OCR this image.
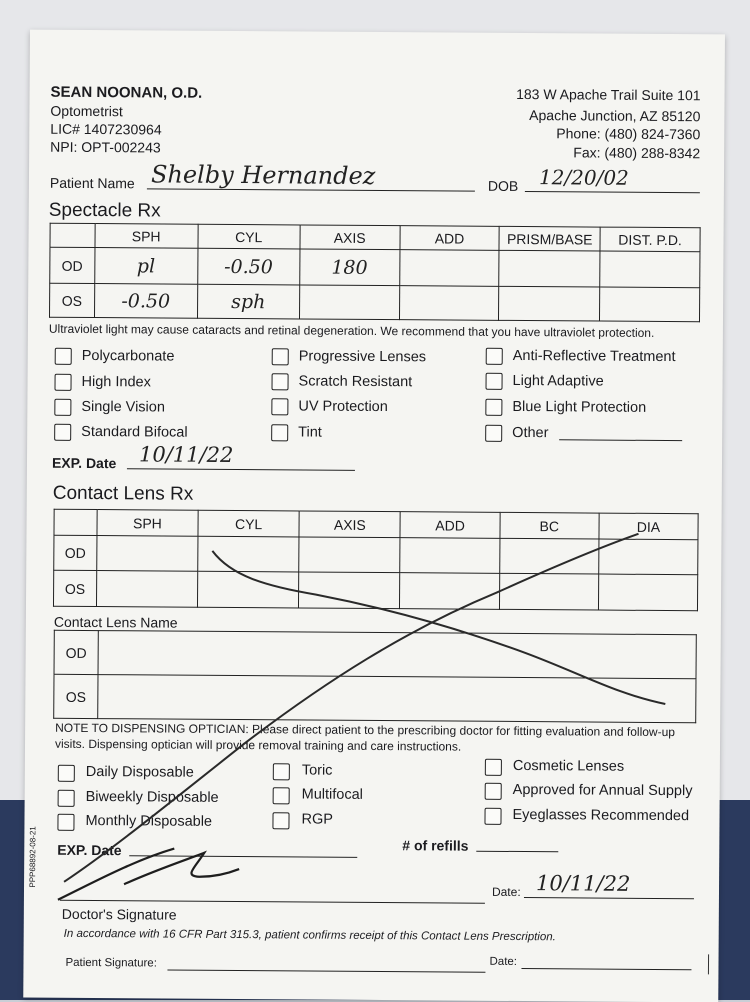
SEAN NOONAN, O.D.
Optometrist
LIC# 1407230964
NPI: OPT-002243
183 W Apache Trail Suite 101
Apache Junction, AZ 85120
Phone: (480) 824-7360
Fax: (480) 288-8342
Patient Name Shelby Hernandez	DOB 12/20/02
Spectacle Rx
	SPH	CYL	AXIS	ADD	PRISM/BASE	DIST. P.D.
OD	pl	-0.50	180			
OS	-0.50	sph				
Ultraviolet light may cause cataracts and retinal degeneration. We recommend that you have ultraviolet protection.
Polycarbonate
High Index
Single Vision
Standard Bifocal
Progressive Lenses
Scratch Resistant
UV Protection
Tint
Anti-Reflective Treatment
Light Adaptive
Blue Light Protection
Other
EXP. Date 10/11/22
Contact Lens Rx
	SPH	CYL	AXIS	ADD	BC	DIA
OD						
OS						
Contact Lens Name
OD	
OS	
NOTE TO DISPENSING OPTICIAN: Please direct patient to the prescribing doctor for fitting evaluation and follow-up visits. Dispensing optician will provide removal training and care instructions.
Daily Disposable
Biweekly Disposable
Monthly Disposable
Toric
Multifocal
RGP
Cosmetic Lenses
Approved for Annual Supply
Eyeglasses Recommended
EXP. Date	# of refills
PPP68892-08-21
Date: 10/11/22
Doctor's Signature
In accordance with 16 CFR Part 315.3, patient confirms receipt of this Contact Lens Prescription.
Patient Signature:	Date:
